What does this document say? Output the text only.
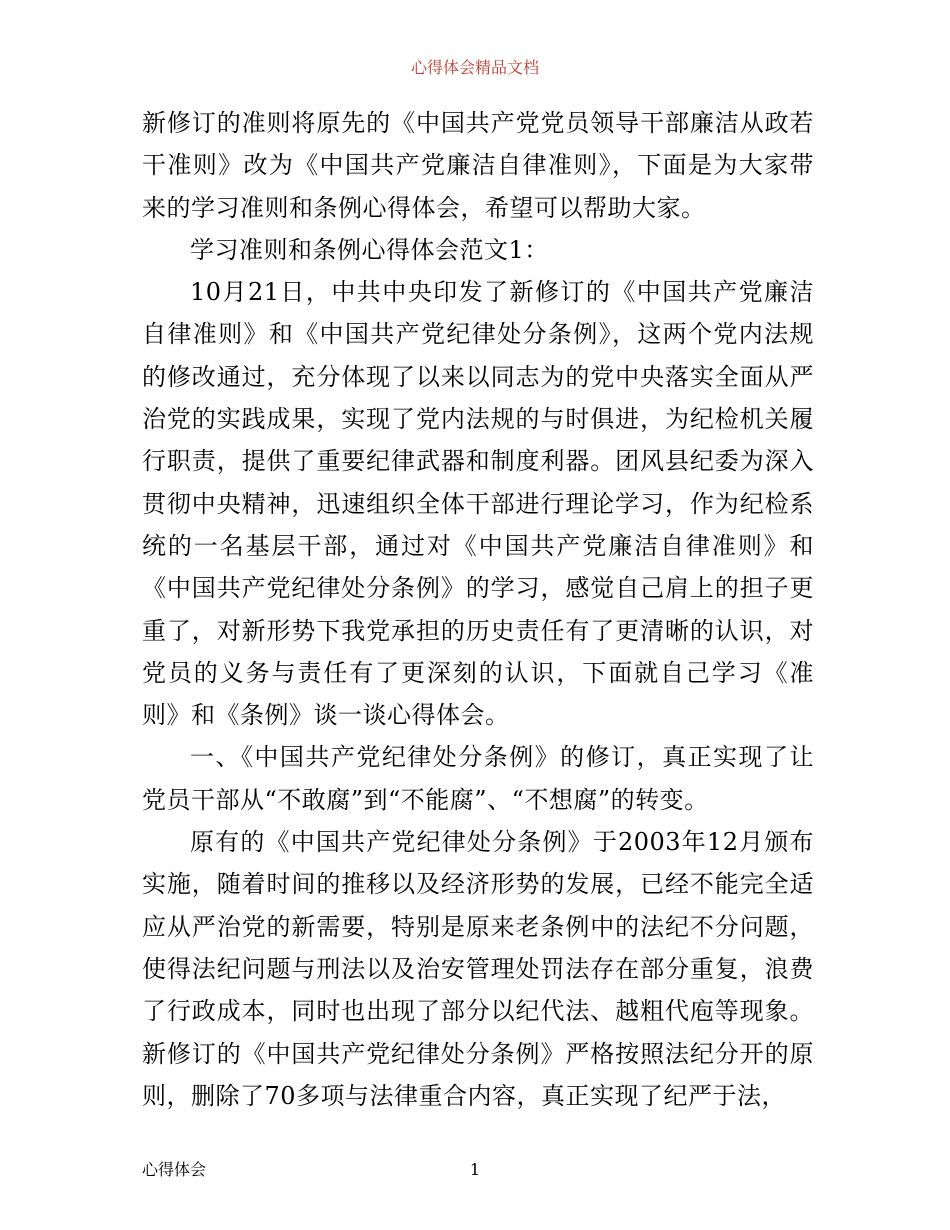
心得体会精品文档

新修订的准则将原先的《中国共产党党员领导干部廉洁从政若干准则》改为《中国共产党廉洁自律准则》，下面是为大家带来的学习准则和条例心得体会，希望可以帮助大家。

学习准则和条例心得体会范文1：

10月21日，中共中央印发了新修订的《中国共产党廉洁自律准则》和《中国共产党纪律处分条例》，这两个党内法规的修改通过，充分体现了以来以同志为的党中央落实全面从严治党的实践成果，实现了党内法规的与时俱进，为纪检机关履行职责，提供了重要纪律武器和制度利器。团风县纪委为深入贯彻中央精神，迅速组织全体干部进行理论学习，作为纪检系统的一名基层干部，通过对《中国共产党廉洁自律准则》和《中国共产党纪律处分条例》的学习，感觉自己肩上的担子更重了，对新形势下我党承担的历史责任有了更清晰的认识，对党员的义务与责任有了更深刻的认识，下面就自己学习《准则》和《条例》谈一谈心得体会。

一、《中国共产党纪律处分条例》的修订，真正实现了让党员干部从“不敢腐”到“不能腐”、“不想腐”的转变。

原有的《中国共产党纪律处分条例》于2003年12月颁布实施，随着时间的推移以及经济形势的发展，已经不能完全适应从严治党的新需要，特别是原来老条例中的法纪不分问题，使得法纪问题与刑法以及治安管理处罚法存在部分重复，浪费了行政成本，同时也出现了部分以纪代法、越粗代庖等现象。新修订的《中国共产党纪律处分条例》严格按照法纪分开的原则，删除了70多项与法律重合内容，真正实现了纪严于法，

心得体会	1
